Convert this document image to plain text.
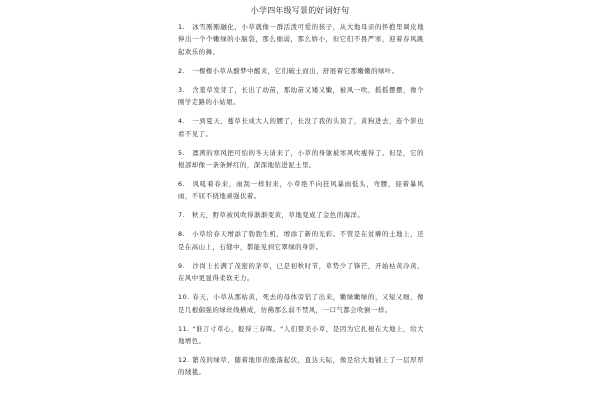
小学四年级写景的好词好句

1.　冰雪刚刚融化，小草就像一群活泼可爱的孩子，从大地母亲的怀抱里调皮地伸出一个个嫩绿的小脑袋，那么细弱，那么娇小，但它们不畏严寒，迎着春风跳起欢乐的舞。

2.　一棵棵小草从酣梦中醒来，它们破土而出，舒展着它那嫩嫩的绿叶。

3.　含羞草发芽了，长出了幼苗，那幼苗又矮又嫩，被风一吹，摇摇摆摆，像个刚学走路的小姑娘。

4.　一到夏天，蔓草长成大人的腰了，长没了我的头顶了，黄狗进去，连个影也看不见了。

5.　凛冽的寒风把可怕的冬天请来了，小草的身躯被寒风吹瘦得了。但是，它的根部却像一条条鲜红的，深深地钻进泥土里。

6.　风吼着春来，雨刮一样射来，小草绝不向狂风暴雨低头，弯腰，迎着暴风雨，不屈不挠地顽强伏着。

7.　秋天，野草被风吹得渐渐变黄，草地变成了金色的海洋。

8.　小草给春天增添了勃勃生机，增添了新的光彩。不管是在贫瘠的土地上，还是在高山上，石缝中，都能见到它翠绿的身影。

9.　沙岗上长满了茂密的茅草，已是初秋时节，草势少了锋芒，开始枯黄冷黄，在风中更显得柔软无力。

10. 春天，小草从那枯黄，死去的母体旁钻了出来，嫩绿嫩绿的，又短又细，像是几根倔强的绿丝线横成，仿佛那么弱不禁风，一口气都会吹倒一样。

11. "谁言寸草心，报得三春晖。"人们赞美小草，是因为它扎根在大地上，给大地增色。

12. 繁茂的绿草，随着地形的涨落起伏，直达天际，像是给大地铺上了一层厚厚的绒毯。
